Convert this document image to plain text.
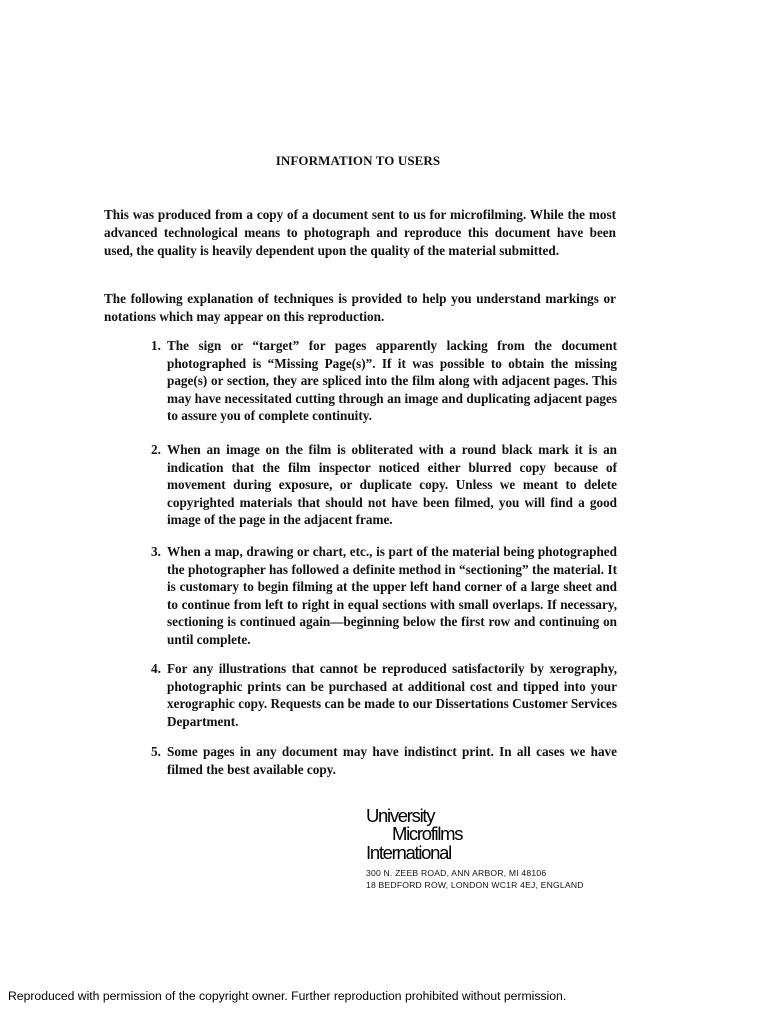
INFORMATION TO USERS

This was produced from a copy of a document sent to us for microfilming. While the most advanced technological means to photograph and reproduce this document have been used, the quality is heavily dependent upon the quality of the material submitted.

The following explanation of techniques is provided to help you understand markings or notations which may appear on this reproduction.

1. The sign or “target” for pages apparently lacking from the document photographed is “Missing Page(s)”. If it was possible to obtain the missing page(s) or section, they are spliced into the film along with adjacent pages. This may have necessitated cutting through an image and duplicating adjacent pages to assure you of complete continuity.
2. When an image on the film is obliterated with a round black mark it is an indication that the film inspector noticed either blurred copy because of movement during exposure, or duplicate copy. Unless we meant to delete copyrighted materials that should not have been filmed, you will find a good image of the page in the adjacent frame.
3. When a map, drawing or chart, etc., is part of the material being photographed the photographer has followed a definite method in “sectioning” the material. It is customary to begin filming at the upper left hand corner of a large sheet and to continue from left to right in equal sections with small overlaps. If necessary, sectioning is continued again—beginning below the first row and continuing on until complete.
4. For any illustrations that cannot be reproduced satisfactorily by xerography, photographic prints can be purchased at additional cost and tipped into your xerographic copy. Requests can be made to our Dissertations Customer Services Department.
5. Some pages in any document may have indistinct print. In all cases we have filmed the best available copy.
University
Microfilms
International
300 N. ZEEB ROAD, ANN ARBOR, MI 48106
18 BEDFORD ROW, LONDON WC1R 4EJ, ENGLAND
Reproduced with permission of the copyright owner. Further reproduction prohibited without permission.
